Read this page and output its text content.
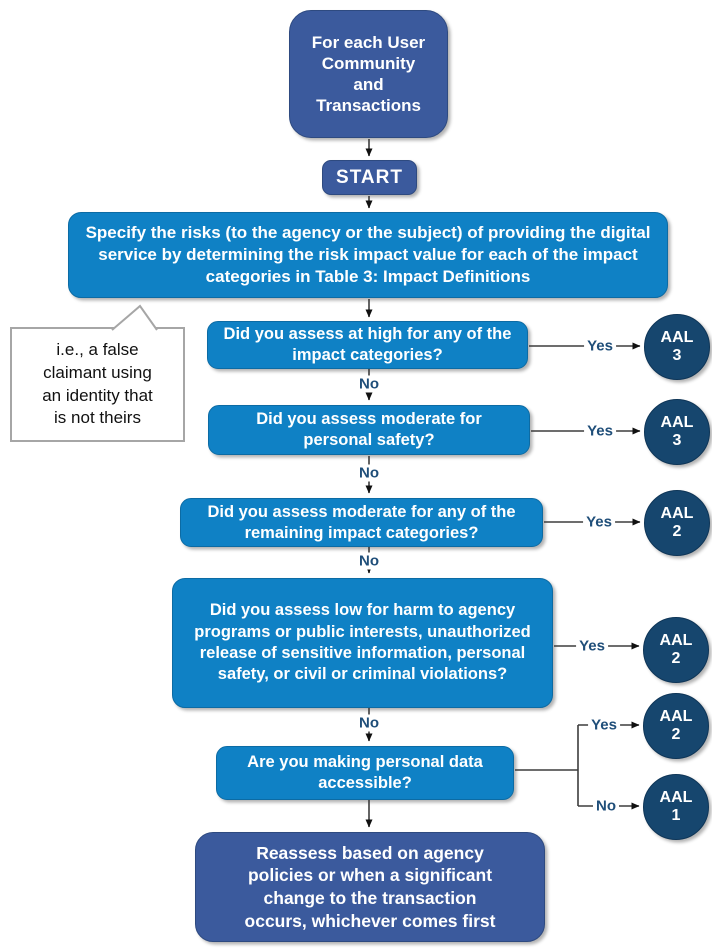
For each User Community and Transactions
START
Specify the risks (to the agency or the subject) of providing the digital service by determining the risk impact value for each of the impact categories in Table 3: Impact Definitions
i.e., a false claimant using an identity that is not theirs
Did you assess at high for any of the impact categories?
Did you assess moderate for personal safety?
Did you assess moderate for any of the remaining impact categories?
Did you assess low for harm to agency programs or public interests, unauthorized release of sensitive information, personal safety, or civil or criminal violations?
Are you making personal data accessible?
Reassess based on agency policies or when a significant change to the transaction occurs, whichever comes first
AAL
3
AAL
3
AAL
2
AAL
2
AAL
2
AAL
1
Yes
Yes
Yes
Yes
Yes
No
No
No
No
No
